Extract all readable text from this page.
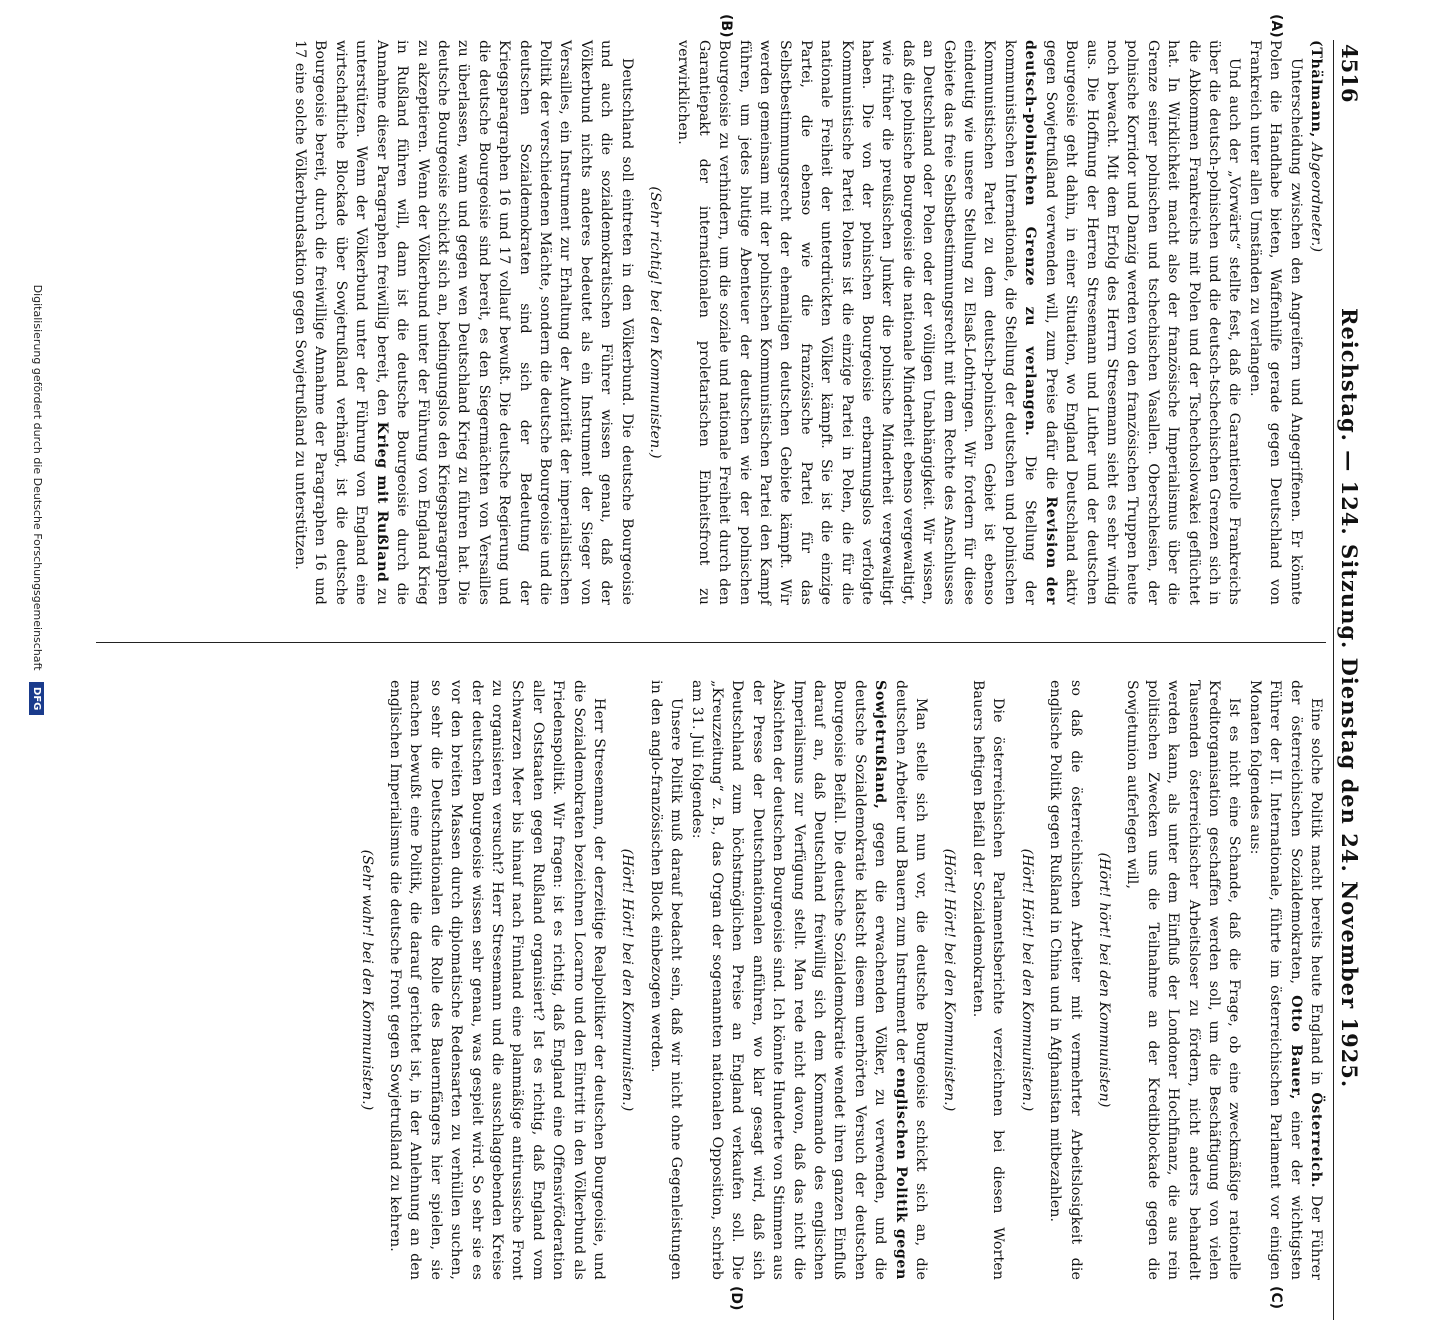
4516
Reichstag. — 124. Sitzung. Dienstag den 24. November 1925.
(A)
(B)
(C)
(D)

(Thälmann, Abgeordneter.)

Unterscheidung zwischen den Angreifern und Angegriffenen. Er könnte Polen die Handhabe bieten, Waffenhilfe gerade gegen Deutschland von Frankreich unter allen Umständen zu verlangen.

Und auch der „Vorwärts“ stellte fest, daß die Garantierolle Frankreichs über die deutsch-polnischen und die deutsch-tschechischen Grenzen sich in die Abkommen Frankreichs mit Polen und der Tschechoslowakei geflüchtet hat. In Wirklichkeit macht also der französische Imperialismus über die Grenze seiner polnischen und tschechischen Vasallen. Oberschlesien, der polnische Korridor und Danzig werden von den französischen Truppen heute noch bewacht. Mit dem Erfolg des Herrn Stresemann sieht es sehr windig aus. Die Hoffnung der Herren Stresemann und Luther und der deutschen Bourgeoisie geht dahin, in einer Situation, wo England Deutschland aktiv gegen Sowjetrußland verwenden will, zum Preise dafür die Revision der deutsch-polnischen Grenze zu verlangen. Die Stellung der kommunistischen Internationale, die Stellung der deutschen und polnischen Kommunistischen Partei zu dem deutsch-polnischen Gebiet ist ebenso eindeutig wie unsere Stellung zu Elsaß-Lothringen. Wir fordern für diese Gebiete das freie Selbstbestimmungsrecht mit dem Rechte des Anschlusses an Deutschland oder Polen oder der völligen Unabhängigkeit. Wir wissen, daß die polnische Bourgeoisie die nationale Minderheit ebenso vergewaltigt, wie früher die preußischen Junker die polnische Minderheit vergewaltigt haben. Die von der polnischen Bourgeoisie erbarmungslos verfolgte Kommunistische Partei Polens ist die einzige Partei in Polen, die für die nationale Freiheit der unterdrückten Völker kämpft. Sie ist die einzige Partei, die ebenso wie die französische Partei für das Selbstbestimmungsrecht der ehemaligen deutschen Gebiete kämpft. Wir werden gemeinsam mit der polnischen Kommunistischen Partei den Kampf führen, um jedes blutige Abenteuer der deutschen wie der polnischen Bourgeoisie zu verhindern, um die soziale und nationale Freiheit durch den Garantiepakt der internationalen proletarischen Einheitsfront zu verwirklichen.

(Sehr richtig! bei den Kommunisten.)

Deutschland soll eintreten in den Völkerbund. Die deutsche Bourgeoisie und auch die sozialdemokratischen Führer wissen genau, daß der Völkerbund nichts anderes bedeutet als ein Instrument der Sieger von Versailles, ein Instrument zur Erhaltung der Autorität der imperialistischen Politik der verschiedenen Mächte, sondern die deutsche Bourgeoisie und die deutschen Sozialdemokraten sind sich der Bedeutung der Kriegsparagraphen 16 und 17 vollauf bewußt. Die deutsche Regierung und die deutsche Bourgeoisie sind bereit, es den Siegermächten von Versailles zu überlassen, wann und gegen wen Deutschland Krieg zu führen hat. Die deutsche Bourgeoisie schickt sich an, bedingungslos den Kriegsparagraphen zu akzeptieren. Wenn der Völkerbund unter der Führung von England Krieg in Rußland führen will, dann ist die deutsche Bourgeoisie durch die Annahme dieser Paragraphen freiwillig bereit, den Krieg mit Rußland zu unterstützen. Wenn der Völkerbund unter der Führung von England eine wirtschaftliche Blockade über Sowjetrußland verhängt, ist die deutsche Bourgeoisie bereit, durch die freiwillige Annahme der Paragraphen 16 und 17 eine solche Völkerbundsaktion gegen Sowjetrußland zu unterstützen.

Eine solche Politik macht bereits heute England in Österreich. Der Führer der österreichischen Sozialdemokraten, Otto Bauer, einer der wichtigsten Führer der II. Internationale, führte im österreichischen Parlament vor einigen Monaten folgendes aus:

Ist es nicht eine Schande, daß die Frage, ob eine zweckmäßige rationelle Kreditorganisation geschaffen werden soll, um die Beschäftigung von vielen Tausenden österreichischer Arbeitsloser zu fördern, nicht anders behandelt werden kann, als unter dem Einfluß der Londoner Hochfinanz, die aus rein politischen Zwecken uns die Teilnahme an der Kreditblockade gegen die Sowjetunion auferlegen will,

(Hört! hört! bei den Kommunisten)

so daß die österreichischen Arbeiter mit vermehrter Arbeitslosigkeit die englische Politik gegen Rußland in China und in Afghanistan mitbezahlen.

(Hört! Hört! bei den Kommunisten.)

Die österreichischen Parlamentsberichte verzeichnen bei diesen Worten Bauers heftigen Beifall der Sozialdemokraten.

(Hört! Hört! bei den Kommunisten.)

Man stelle sich nun vor, die deutsche Bourgeoisie schickt sich an, die deutschen Arbeiter und Bauern zum Instrument der englischen Politik gegen Sowjetrußland, gegen die erwachenden Völker, zu verwenden, und die deutsche Sozialdemokratie klatscht diesem unerhörten Versuch der deutschen Bourgeoisie Beifall. Die deutsche Sozialdemokratie wendet ihren ganzen Einfluß darauf an, daß Deutschland freiwillig sich dem Kommando des englischen Imperialismus zur Verfügung stellt. Man rede nicht davon, daß das nicht die Absichten der deutschen Bourgeoisie sind. Ich könnte Hunderte von Stimmen aus der Presse der Deutschnationalen anführen, wo klar gesagt wird, daß sich Deutschland zum höchstmöglichen Preise an England verkaufen soll. Die „Kreuzzeitung“ z. B., das Organ der sogenannten nationalen Opposition, schrieb am 31. Juli folgendes:

Unsere Politik muß darauf bedacht sein, daß wir nicht ohne Gegenleistungen in den anglo-französischen Block einbezogen werden.

(Hört! Hört! bei den Kommunisten.)

Herr Stresemann, der derzeitige Realpolitiker der deutschen Bourgeoisie, und die Sozialdemokraten bezeichnen Locarno und den Eintritt in den Völkerbund als Friedenspolitik. Wir fragen: ist es richtig, daß England eine Offensivföderation aller Oststaaten gegen Rußland organisiert? Ist es richtig, daß England vom Schwarzen Meer bis hinauf nach Finnland eine planmäßige antirussische Front zu organisieren versucht? Herr Stresemann und die ausschlaggebenden Kreise der deutschen Bourgeoisie wissen sehr genau, was gespielt wird. So sehr sie es vor den breiten Massen durch diplomatische Redensarten zu verhüllen suchen, so sehr die Deutschnationalen die Rolle des Bauernfängers hier spielen, sie machen bewußt eine Politik, die darauf gerichtet ist, in der Anlehnung an den englischen Imperialismus die deutsche Front gegen Sowjetrußland zu kehren.

(Sehr wahr! bei den Kommunisten.)

Digitalisierung gefördert durch die Deutsche Forschungsgemeinschaft DFG
